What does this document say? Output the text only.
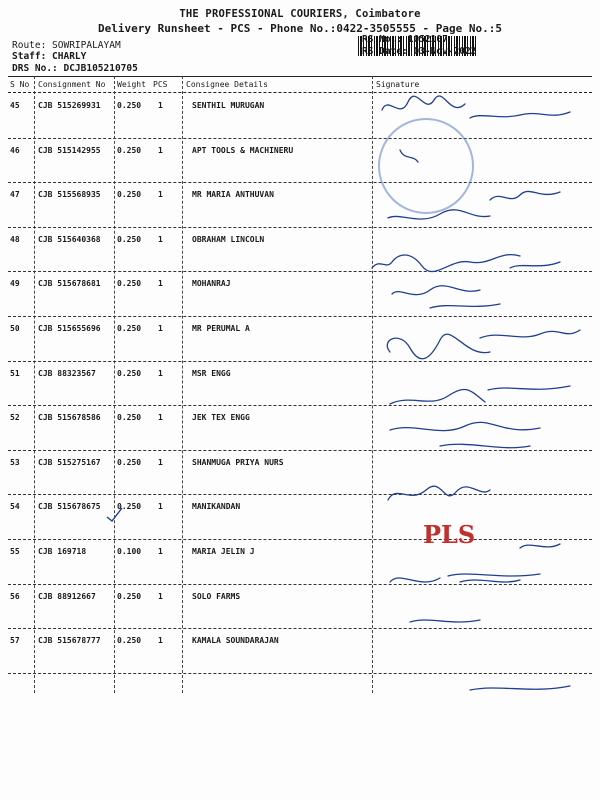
THE PROFESSIONAL COURIERS, Coimbatore
Delivery Runsheet - PCS - Phone No.:0422-3505555 - Page No.:5
Route: SOWRIPALAYAM
Staff: CHARLY
DRS No.: DCJB105210705
RS No.: 1052107
RS Date: 03-Nov-2022
S No Consignment No Weight PCS Consignee Details	Signature
45 CJB 515269931 0.250 1	SENTHIL MURUGAN
46 CJB 515142955 0.250 1	APT TOOLS & MACHINERU
47 CJB 515568935 0.250 1	MR MARIA ANTHUVAN
48 CJB 515640368 0.250 1	OBRAHAM LINCOLN
49 CJB 515678681 0.250 1	MOHANRAJ
50 CJB 515655696 0.250 1	MR PERUMAL A
51 CJB 88323567	0.250 1	MSR ENGG
52 CJB 515678586 0.250 1	JEK TEX ENGG
53 CJB 515275167 0.250 1	SHANMUGA PRIYA NURS
54 CJB 515678675 0.250 1	MANIKANDAN
55 CJB 169718	0.100 1	MARIA JELIN J
56 CJB 88912667	0.250 1	SOLO FARMS
57 CJB 515678777 0.250 1	KAMALA SOUNDARAJAN
PLS
